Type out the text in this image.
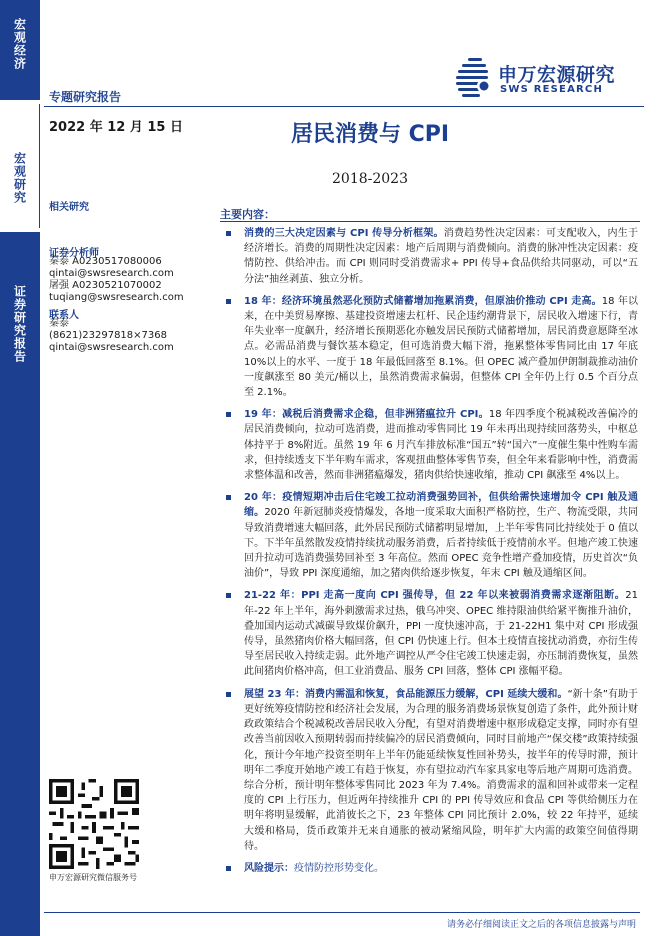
宏观经济
宏观研究
证券研究报告
申万宏源研究
SWS RESEARCH
专题研究报告
2022 年 12 月 15 日	居民消费与 CPI
2018-2023
相关研究
证券分析师
秦泰 A0230517080006
qintai@swsresearch.com
屠强 A0230521070002
tuqiang@swsresearch.com
联系人
秦泰
(8621)23297818×7368
qintai@swsresearch.com
申万宏源研究微信服务号
主要内容：
消费的三大决定因素与 CPI 传导分析框架。消费趋势性决定因素：可支配收入，内生于经济增长。消费的周期性决定因素：地产后周期与消费倾向。消费的脉冲性决定因素：疫情防控、供给冲击。而 CPI 则同时受消费需求+ PPI 传导+食品供给共同驱动，可以“五分法”抽丝剥茧、独立分析。
18 年：经济环境虽然恶化预防式储蓄增加拖累消费，但原油价推动 CPI 走高。18 年以来，在中美贸易摩擦、基建投资增速去杠杆、民企违约潮背景下，居民收入增速下行，青年失业率一度飙升，经济增长预期恶化亦触发居民预防式储蓄增加，居民消费意愿降至冰点。必需品消费与餐饮基本稳定，但可选消费大幅下滑，拖累整体零售同比由 17 年底 10%以上的水平、一度于 18 年最低回落至 8.1%。但 OPEC 减产叠加伊朗制裁推动油价一度飙涨至 80 美元/桶以上，虽然消费需求偏弱，但整体 CPI 全年仍上行 0.5 个百分点至 2.1%。
19 年：减税后消费需求企稳，但非洲猪瘟拉升 CPI。18 年四季度个税减税改善偏冷的居民消费倾向，拉动可选消费，进而推动零售同比 19 年未再出现持续回落势头，中枢总体持平于 8%附近。虽然 19 年 6 月汽车排放标准“国五”转“国六”一度催生集中性购车需求，但持续透支下半年购车需求，客观扭曲整体零售节奏，但全年来看影响中性，消费需求整体温和改善，然而非洲猪瘟爆发，猪肉供给快速收缩，推动 CPI 飙涨至 4%以上。
20 年：疫情短期冲击后住宅竣工拉动消费强势回补，但供给需快速增加令 CPI 触及通缩。2020 年新冠肺炎疫情爆发，各地一度采取大面积严格防控，生产、物流受限，共同导致消费增速大幅回落，此外居民预防式储蓄明显增加，上半年零售同比持续处于 0 值以下。下半年虽然散发疫情持续扰动服务消费，后者持续低于疫情前水平。但地产竣工快速回升拉动可选消费强势回补至 3 年高位。然而 OPEC 竞争性增产叠加疫情，历史首次“负油价”，导致 PPI 深度通缩，加之猪肉供给逐步恢复，年末 CPI 触及通缩区间。
21-22 年：PPI 走高一度向 CPI 强传导，但 22 年以来被弱消费需求逐渐阻断。21 年-22 年上半年，海外刺激需求过热，俄乌冲突、OPEC 维持限油供给紧平衡推升油价，叠加国内运动式减碳导致煤价飙升，PPI 一度快速冲高，于 21-22H1 集中对 CPI 形成强传导，虽然猪肉价格大幅回落，但 CPI 仍快速上行。但本土疫情直接扰动消费，亦衍生传导至居民收入持续走弱。此外地产调控从严令住宅竣工快速走弱，亦压制消费恢复，虽然此间猪肉价格冲高，但工业消费品、服务 CPI 回落，整体 CPI 涨幅平稳。
展望 23 年：消费内需温和恢复，食品能源压力缓解，CPI 延续大缓和。“新十条”有助于更好统筹疫情防控和经济社会发展，为合理的服务消费场景恢复创造了条件，此外预计财政政策结合个税减税改善居民收入分配，有望对消费增速中枢形成稳定支撑，同时亦有望改善当前因收入预期转弱而持续偏冷的居民消费倾向，同时目前地产“保交楼”政策持续强化，预计今年地产投资至明年上半年仍能延续恢复性回补势头，按半年的传导时滞，预计明年二季度开始地产竣工有趋于恢复，亦有望拉动汽车家具家电等后地产周期可选消费。综合分析，预计明年整体零售同比 2023 年为 7.4%。消费需求的温和回补或带来一定程度的 CPI 上行压力，但近两年持续推升 CPI 的 PPI 传导效应和食品 CPI 等供给侧压力在明年将明显缓解，此消彼长之下，23 年整体 CPI 同比预计 2.0%，较 22 年持平，延续大缓和格局，货币政策并无来自通胀的被动紧缩风险，明年扩大内需的政策空间值得期待。
风险提示：疫情防控形势变化。
请务必仔细阅读正文之后的各项信息披露与声明
